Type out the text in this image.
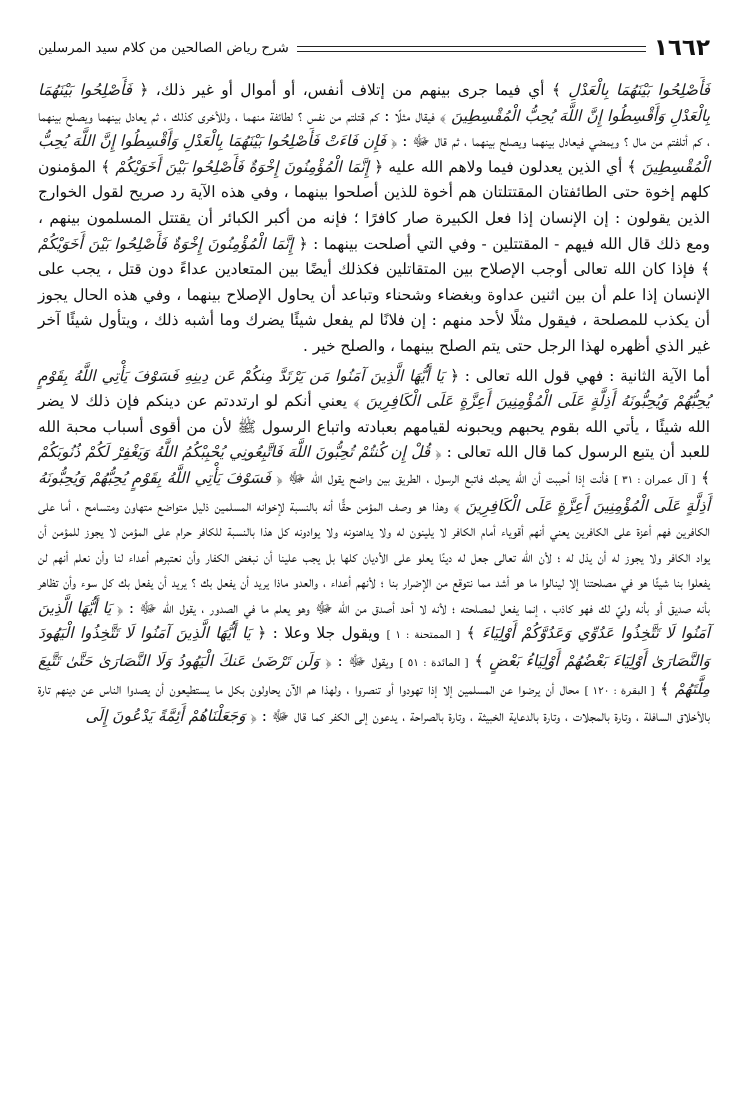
١٦٦٢
شرح رياض الصالحين من كلام سيد المرسلين

فَأَصْلِحُوا بَيْنَهُمَا بِالْعَدْلِ ﴾ أي فيما جرى بينهم من إتلاف أنفس، أو أموال أو غير ذلك، ﴿ فَأَصْلِحُوا بَيْنَهُمَا بِالْعَدْلِ وَأَقْسِطُوا إِنَّ اللَّهَ يُحِبُّ الْمُقْسِطِينَ ﴾ فيقال مثلًا : كم قتلتم من نفس ؟ لطائفة منهما ، وللأخرى كذلك ، ثم يعادل بينهما ويصلح بينهما ، كم أتلفتم من مال ؟ ويمضي فيعادل بينهما ويصلح بينهما ، ثم قال ﷻ : ﴿ فَإِن فَاءَتْ فَأَصْلِحُوا بَيْنَهُمَا بِالْعَدْلِ وَأَقْسِطُوا إِنَّ اللَّهَ يُحِبُّ الْمُقْسِطِينَ ﴾ أي الذين يعدلون فيما ولاهم الله عليه ﴿ إِنَّمَا الْمُؤْمِنُونَ إِخْوَةٌ فَأَصْلِحُوا بَيْنَ أَخَوَيْكُمْ ﴾ المؤمنون كلهم إخوة حتى الطائفتان المقتتلتان هم أخوة للذين أصلحوا بينهما ، وفي هذه الآية رد صريح لقول الخوارج الذين يقولون : إن الإنسان إذا فعل الكبيرة صار كافرًا ؛ فإنه من أكبر الكبائر أن يقتتل المسلمون بينهم ، ومع ذلك قال الله فيهم - المقتتلين - وفي التي أصلحت بينهما : ﴿ إِنَّمَا الْمُؤْمِنُونَ إِخْوَةٌ فَأَصْلِحُوا بَيْنَ أَخَوَيْكُمْ ﴾ فإذا كان الله تعالى أوجب الإصلاح بين المتقاتلين فكذلك أيضًا بين المتعادين عداءً دون قتل ، يجب على الإنسان إذا علم أن بين اثنين عداوة وبغضاء وشحناء وتباعد أن يحاول الإصلاح بينهما ، وفي هذه الحال يجوز أن يكذب للمصلحة ، فيقول مثلًا لأحد منهم : إن فلانًا لم يفعل شيئًا يضرك وما أشبه ذلك ، ويتأول شيئًا آخر غير الذي أظهره لهذا الرجل حتى يتم الصلح بينهما ، والصلح خير .

أما الآية الثانية : فهي قول الله تعالى : ﴿ يَا أَيُّهَا الَّذِينَ آمَنُوا مَن يَرْتَدَّ مِنكُمْ عَن دِينِهِ فَسَوْفَ يَأْتِي اللَّهُ بِقَوْمٍ يُحِبُّهُمْ وَيُحِبُّونَهُ أَذِلَّةٍ عَلَى الْمُؤْمِنِينَ أَعِزَّةٍ عَلَى الْكَافِرِينَ ﴾ يعني أنكم لو ارتددتم عن دينكم فإن ذلك لا يضر الله شيئًا ، يأتي الله بقوم يحبهم ويحبونه لقيامهم بعبادته واتباع الرسول ﷺ لأن من أقوى أسباب محبة الله للعبد أن يتبع الرسول كما قال الله تعالى : ﴿ قُلْ إِن كُنتُمْ تُحِبُّونَ اللَّهَ فَاتَّبِعُونِي يُحْبِبْكُمُ اللَّهُ وَيَغْفِرْ لَكُمْ ذُنُوبَكُمْ ﴾ [ آل عمران : ٣١ ] فأنت إذا أحببت أن الله يحبك فاتبع الرسول ، الطريق بين واضح يقول الله ﷻ ﴿ فَسَوْفَ يَأْتِي اللَّهُ بِقَوْمٍ يُحِبُّهُمْ وَيُحِبُّونَهُ أَذِلَّةٍ عَلَى الْمُؤْمِنِينَ أَعِزَّةٍ عَلَى الْكَافِرِينَ ﴾ وهذا هو وصف المؤمن حقًّا أنه بالنسبة لإخوانه المسلمين ذليل متواضع متهاون ومتسامح ، أما على الكافرين فهم أعزة على الكافرين يعني أنهم أقوياء أمام الكافر لا يلينون له ولا يداهنونه ولا يوادونه كل هذا بالنسبة للكافر حرام على المؤمن لا يجوز للمؤمن أن يواد الكافر ولا يجوز له أن يذل له ؛ لأن الله تعالى جعل له دينًا يعلو على الأديان كلها بل يجب علينا أن نبغض الكفار وأن نعتبرهم أعداء لنا وأن نعلم أنهم لن يفعلوا بنا شيئًا هو في مصلحتنا إلا لينالوا ما هو أشد مما نتوقع من الإضرار بنا ؛ لأنهم أعداء ، والعدو ماذا يريد أن يفعل بك ؟ يريد أن يفعل بك كل سوء وأن تظاهر بأنه صديق أو بأنه وليّ لك فهو كاذب ، إنما يفعل لمصلحته ؛ لأنه لا أحد أصدق من الله ﷻ وهو يعلم ما في الصدور ، يقول الله ﷻ : ﴿ يَا أَيُّهَا الَّذِينَ آمَنُوا لَا تَتَّخِذُوا عَدُوِّي وَعَدُوَّكُمْ أَوْلِيَاءَ ﴾ [ الممتحنة : ١ ] ويقول جلا وعلا : ﴿ يَا أَيُّهَا الَّذِينَ آمَنُوا لَا تَتَّخِذُوا الْيَهُودَ وَالنَّصَارَىٰ أَوْلِيَاءَ بَعْضُهُمْ أَوْلِيَاءُ بَعْضٍ ﴾ [ المائدة : ٥١ ] ويقول ﷻ : ﴿ وَلَن تَرْضَىٰ عَنكَ الْيَهُودُ وَلَا النَّصَارَىٰ حَتَّىٰ تَتَّبِعَ مِلَّتَهُمْ ﴾ [ البقرة : ١٢٠ ] محال أن يرضوا عن المسلمين إلا إذا تهودوا أو تنصروا ، ولهذا هم الآن يحاولون بكل ما يستطيعون أن يصدوا الناس عن دينهم تارة بالأخلاق السافلة ، وتارة بالمجلات ، وتارة بالدعاية الخبيثة ، وتارة بالصراحة ، يدعون إلى الكفر كما قال ﷻ : ﴿ وَجَعَلْنَاهُمْ أَئِمَّةً يَدْعُونَ إِلَى
